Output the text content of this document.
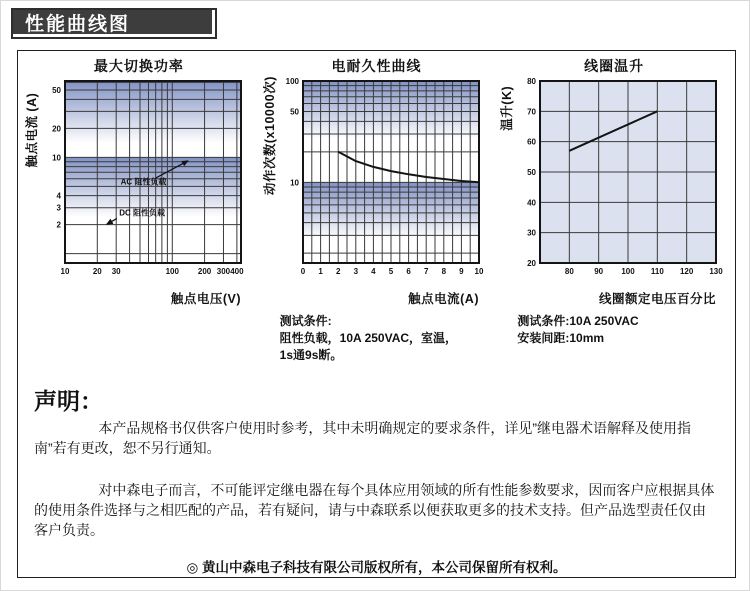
性能曲线图
最大切换功率
10	20 30	100 200 300 400
2
3
4
10
20
50
AC 阻性负载
DC 阻性负载
触点电压(V)
触点电流 (A)
电耐久性曲线
0 1 2 3 4 5 6 7 8 9 10
10
50
100
触点电流(A)
动作次数(x10000次)
线圈温升
80	90 100 110 120 130
20
30
40
50
60
70
80
线圈额定电压百分比
温升(K)
测试条件:
阻性负载，10A 250VAC，室温，
1s通9s断。
测试条件:10A 250VAC
安装间距:10mm
声明：

本产品规格书仅供客户使用时参考，其中未明确规定的要求条件，详见”继电器术语解释及使用指南”若有更改，恕不另行通知。

对中森电子而言，不可能评定继电器在每个具体应用领域的所有性能参数要求，因而客户应根据具体的使用条件选择与之相匹配的产品，若有疑问，请与中森联系以便获取更多的技术支持。但产品选型责任仅由客户负责。

◎ 黄山中森电子科技有限公司版权所有，本公司保留所有权利。
